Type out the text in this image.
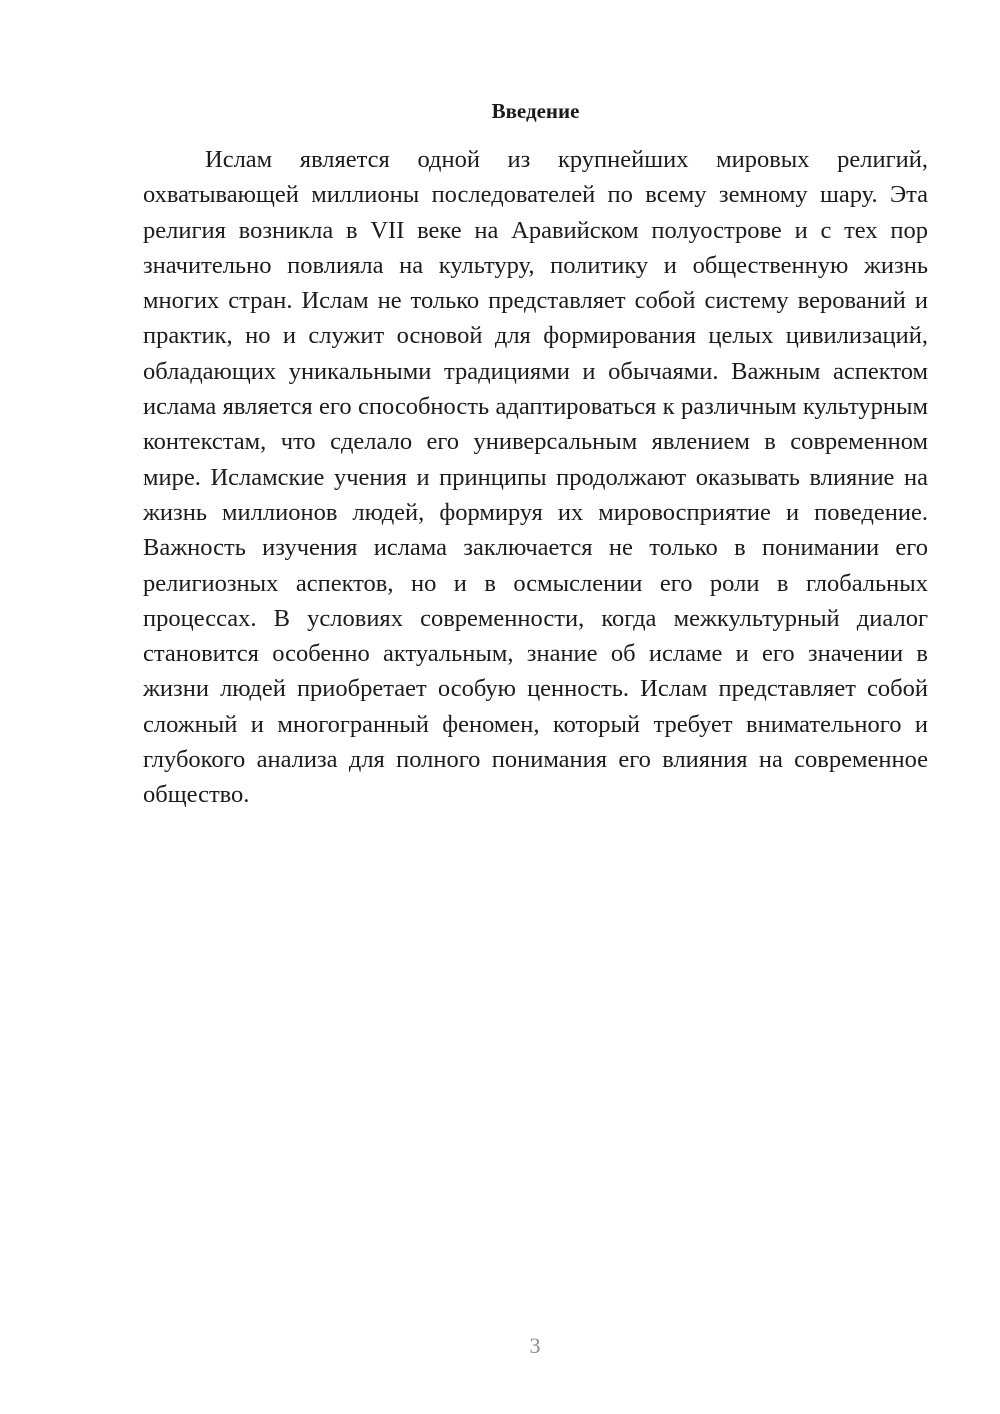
Введение

Ислам является одной из крупнейших мировых религий, охватывающей миллионы последователей по всему земному шару. Эта религия возникла в VII веке на Аравийском полуострове и с тех пор значительно повлияла на культуру, политику и общественную жизнь многих стран. Ислам не только представляет собой систему верований и практик, но и служит основой для формирования целых цивилизаций, обладающих уникальными традициями и обычаями. Важным аспектом ислама является его способность адаптироваться к различным культурным контекстам, что сделало его универсальным явлением в современном мире. Исламские учения и принципы продолжают оказывать влияние на жизнь миллионов людей, формируя их мировосприятие и поведение. Важность изучения ислама заключается не только в понимании его религиозных аспектов, но и в осмыслении его роли в глобальных процессах. В условиях современности, когда межкультурный диалог становится особенно актуальным, знание об исламе и его значении в жизни людей приобретает особую ценность. Ислам представляет собой сложный и многогранный феномен, который требует внимательного и глубокого анализа для полного понимания его влияния на современное общество.

3
